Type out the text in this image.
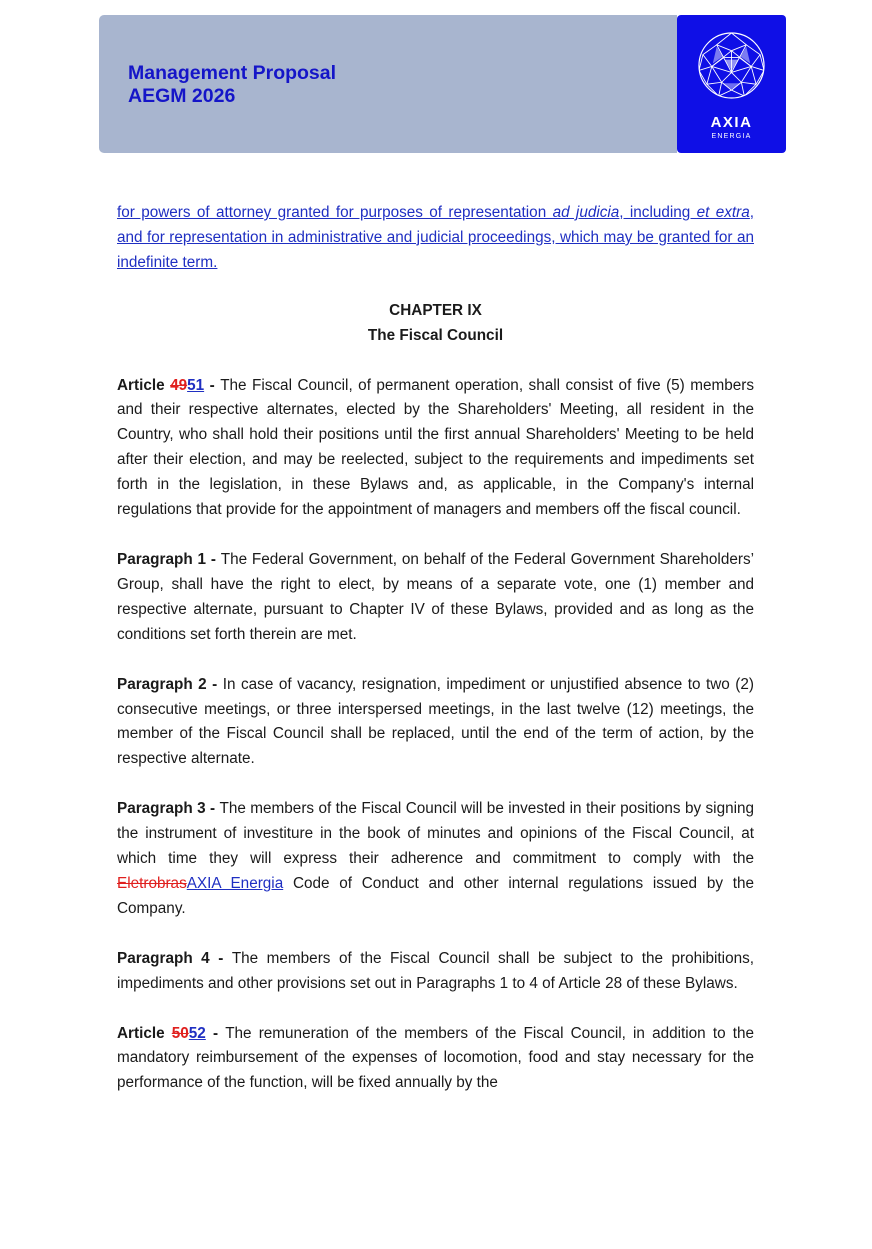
Management Proposal
AEGM 2026
AXIA
ENERGIA

for powers of attorney granted for purposes of representation ad judicia, including et extra, and for representation in administrative and judicial proceedings, which may be granted for an indefinite term.

CHAPTER IX

The Fiscal Council

Article 4951 - The Fiscal Council, of permanent operation, shall consist of five (5) members and their respective alternates, elected by the Shareholders' Meeting, all resident in the Country, who shall hold their positions until the first annual Shareholders' Meeting to be held after their election, and may be reelected, subject to the requirements and impediments set forth in the legislation, in these Bylaws and, as applicable, in the Company's internal regulations that provide for the appointment of managers and members off the fiscal council.

Paragraph 1 - The Federal Government, on behalf of the Federal Government Shareholders’ Group, shall have the right to elect, by means of a separate vote, one (1) member and respective alternate, pursuant to Chapter IV of these Bylaws, provided and as long as the conditions set forth therein are met.

Paragraph 2 - In case of vacancy, resignation, impediment or unjustified absence to two (2) consecutive meetings, or three interspersed meetings, in the last twelve (12) meetings, the member of the Fiscal Council shall be replaced, until the end of the term of action, by the respective alternate.

Paragraph 3 - The members of the Fiscal Council will be invested in their positions by signing the instrument of investiture in the book of minutes and opinions of the Fiscal Council, at which time they will express their adherence and commitment to comply with the EletrobrasAXIA Energia Code of Conduct and other internal regulations issued by the Company.

Paragraph 4 - The members of the Fiscal Council shall be subject to the prohibitions, impediments and other provisions set out in Paragraphs 1 to 4 of Article 28 of these Bylaws.

Article 5052 - The remuneration of the members of the Fiscal Council, in addition to the mandatory reimbursement of the expenses of locomotion, food and stay necessary for the performance of the function, will be fixed annually by the
